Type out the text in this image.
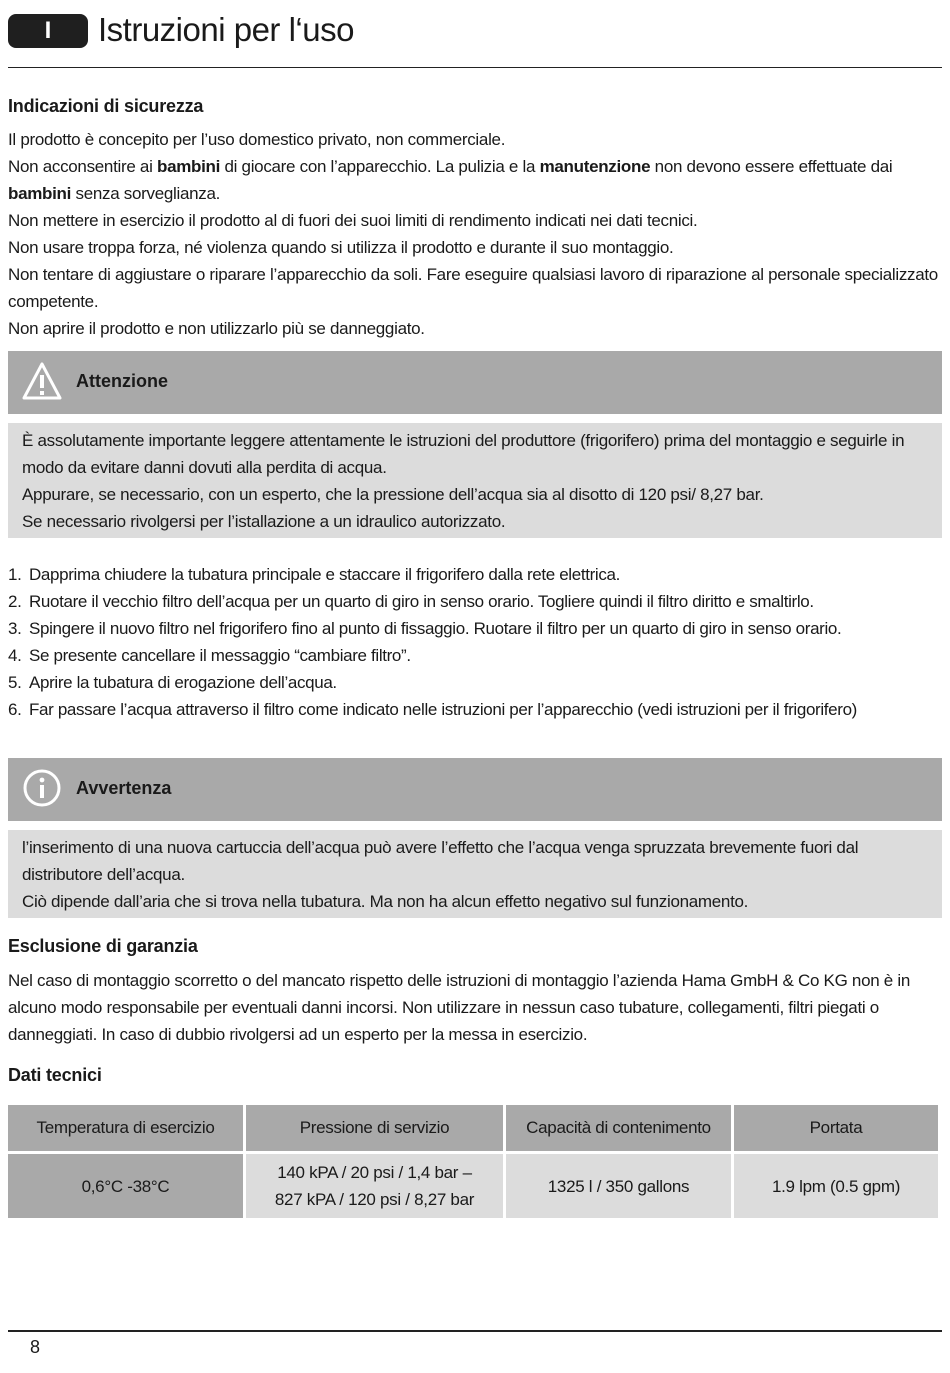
I	Istruzioni per l‘uso
Indicazioni di sicurezza

Il prodotto è concepito per l’uso domestico privato, non commerciale.

Non acconsentire ai bambini di giocare con l’apparecchio. La pulizia e la manutenzione non devono essere effettuate dai bambini senza sorveglianza.

Non mettere in esercizio il prodotto al di fuori dei suoi limiti di rendimento indicati nei dati tecnici.

Non usare troppa forza, né violenza quando si utilizza il prodotto e durante il suo montaggio.

Non tentare di aggiustare o riparare l’apparecchio da soli. Fare eseguire qualsiasi lavoro di riparazione al personale specializzato competente.

Non aprire il prodotto e non utilizzarlo più se danneggiato.

Attenzione

È assolutamente importante leggere attentamente le istruzioni del produttore (frigorifero) prima del montaggio e seguirle in modo da evitare danni dovuti alla perdita di acqua.

Appurare, se necessario, con un esperto, che la pressione dell’acqua sia al disotto di 120 psi/ 8,27 bar.

Se necessario rivolgersi per l’istallazione a un idraulico autorizzato.

1. Dapprima chiudere la tubatura principale e staccare il frigorifero dalla rete elettrica.
2. Ruotare il vecchio filtro dell’acqua per un quarto di giro in senso orario. Togliere quindi il filtro diritto e smaltirlo.
3. Spingere il nuovo filtro nel frigorifero fino al punto di fissaggio. Ruotare il filtro per un quarto di giro in senso orario.
4. Se presente cancellare il messaggio “cambiare filtro”.
5. Aprire la tubatura di erogazione dell’acqua.
6. Far passare l’acqua attraverso il filtro come indicato nelle istruzioni per l’apparecchio (vedi istruzioni per il frigorifero)
Avvertenza

l’inserimento di una nuova cartuccia dell’acqua può avere l’effetto che l’acqua venga spruzzata brevemente fuori dal distributore dell’acqua.

Ciò dipende dall’aria che si trova nella tubatura. Ma non ha alcun effetto negativo sul funzionamento.

Esclusione di garanzia

Nel caso di montaggio scorretto o del mancato rispetto delle istruzioni di montaggio l’azienda Hama GmbH & Co KG non è in alcuno modo responsabile per eventuali danni incorsi. Non utilizzare in nessun caso tubature, collegamenti, filtri piegati o danneggiati. In caso di dubbio rivolgersi ad un esperto per la messa in esercizio.

Dati tecnici
Temperatura di esercizio	Pressione di servizio	Capacità di contenimento	Portata
0,6°C -38°C	140 kPA / 20 psi / 1,4 bar –
827 kPA / 120 psi / 8,27 bar	1325 l / 350 gallons	1.9 lpm (0.5 gpm)
8
